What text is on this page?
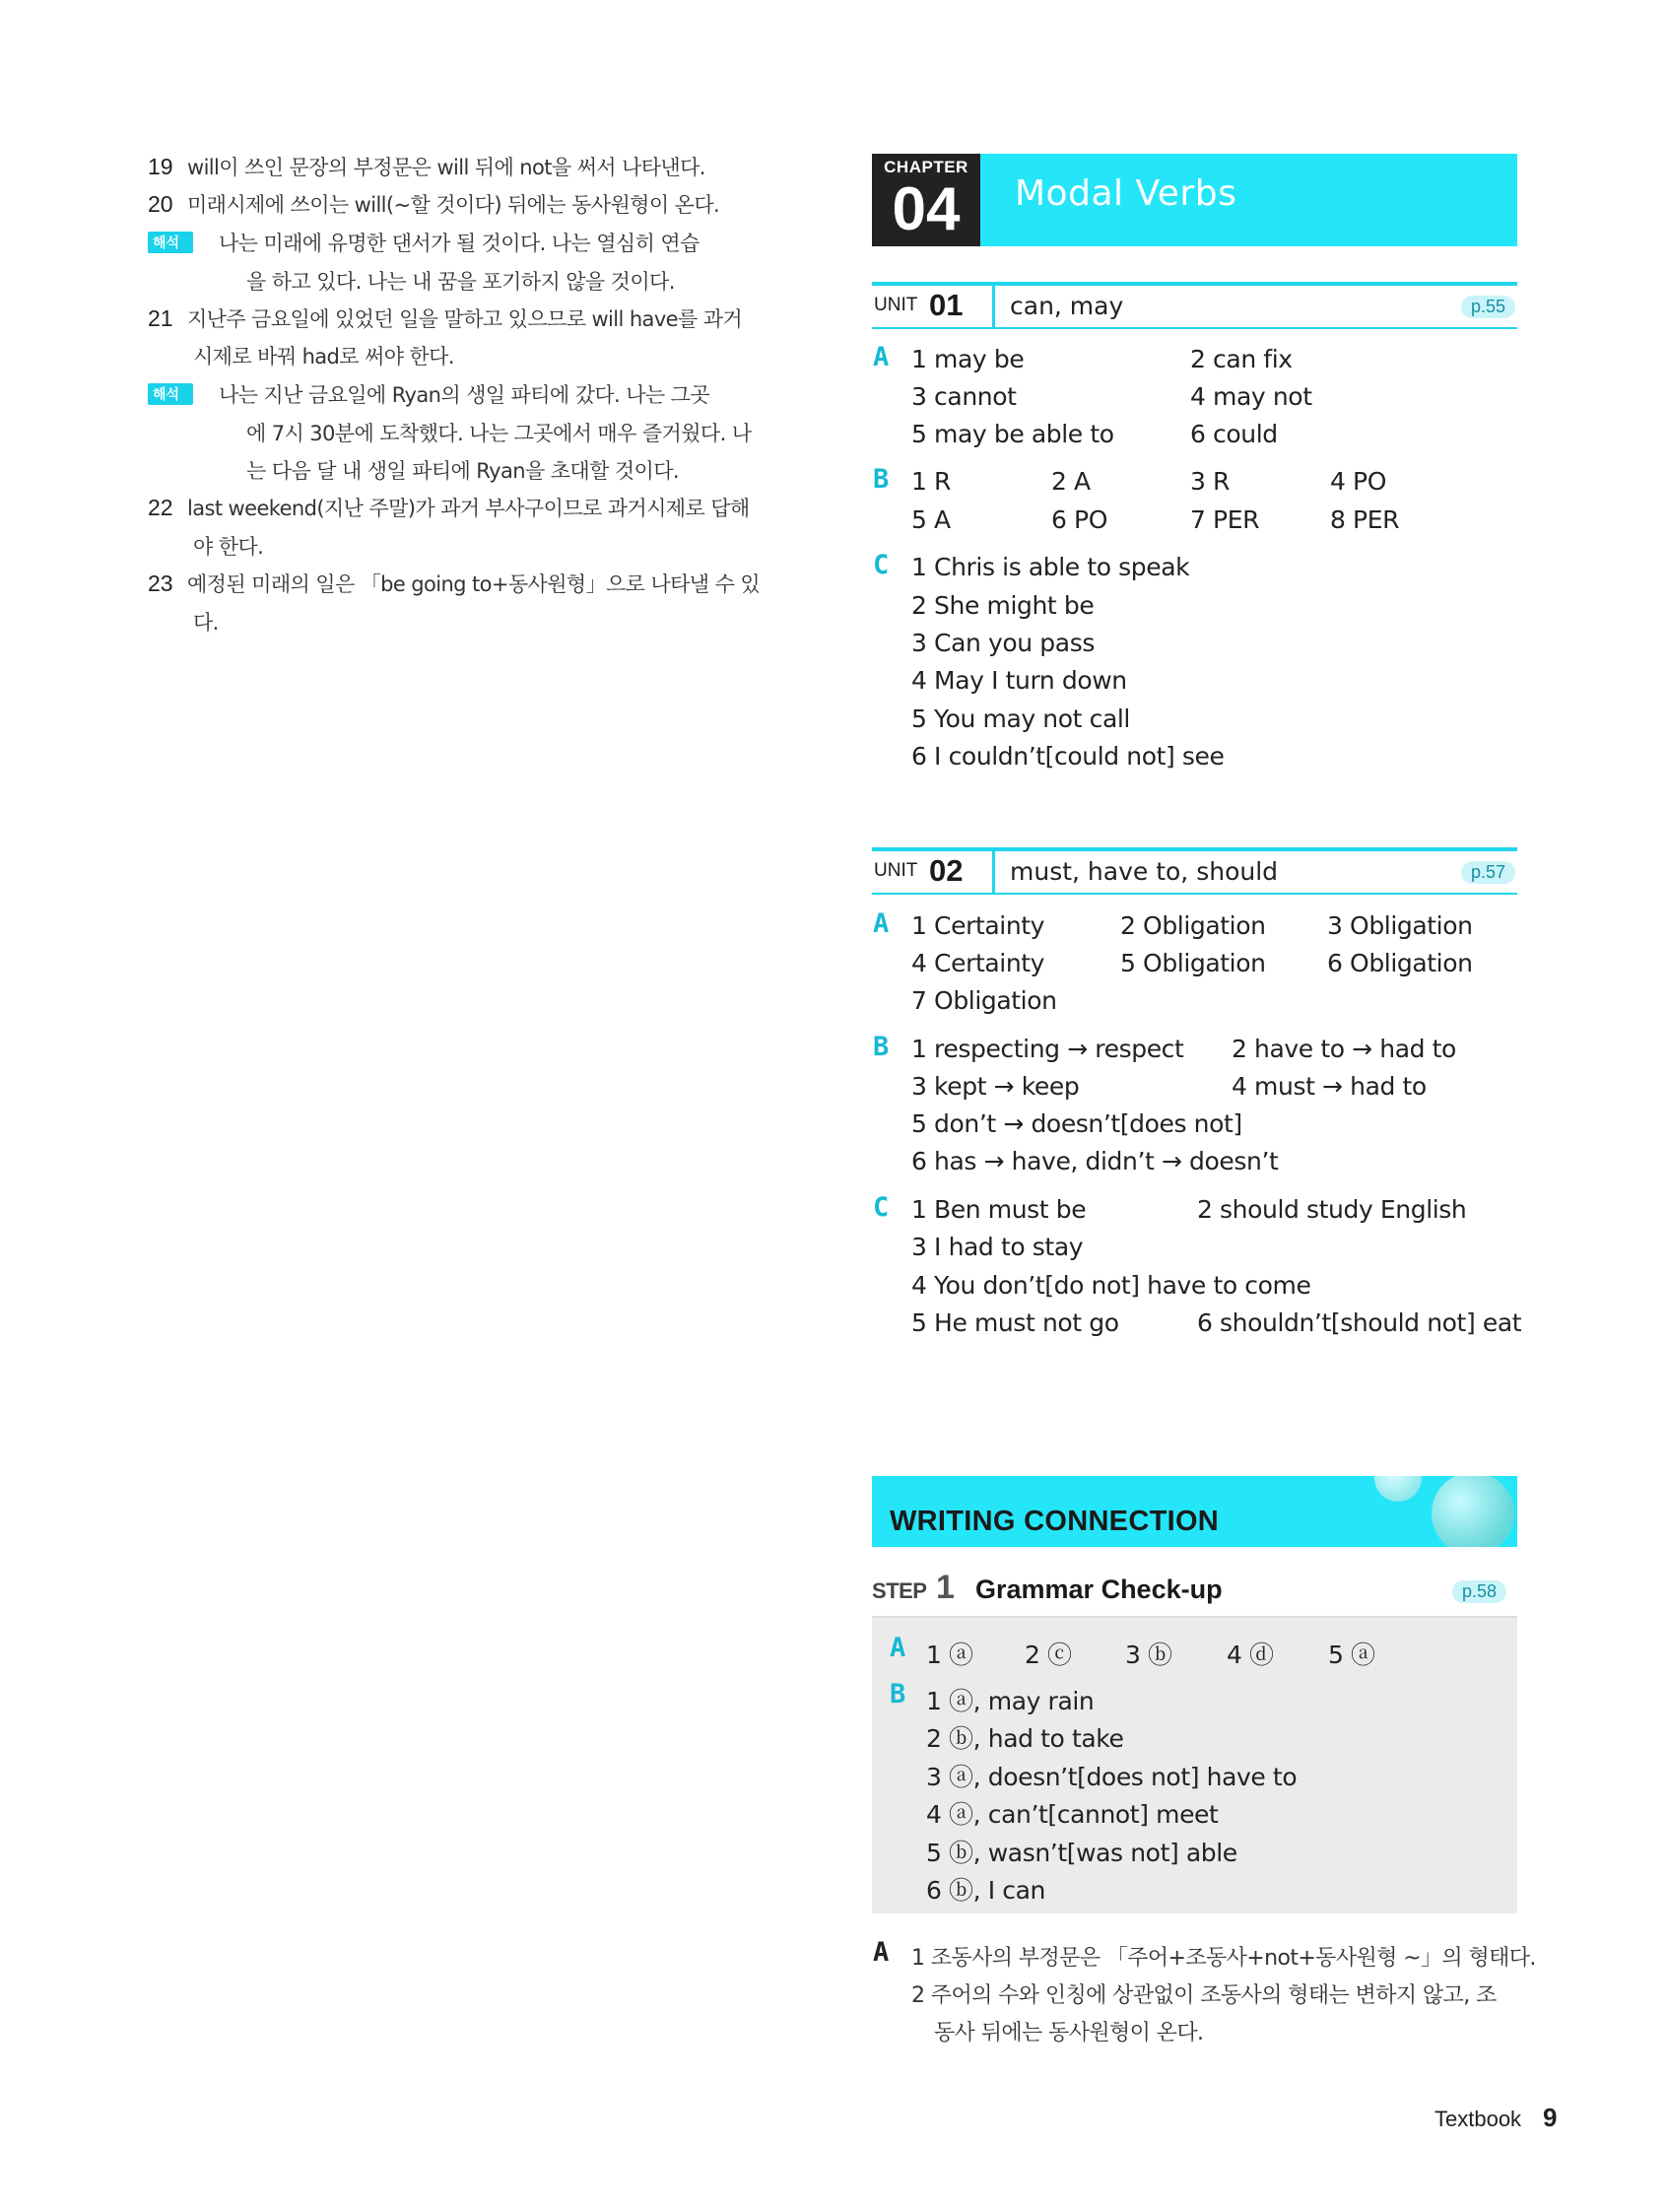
19 will이 쓰인 문장의 부정문은 will 뒤에 not을 써서 나타낸다.
20 미래시제에 쓰이는 will(~할 것이다) 뒤에는 동사원형이 온다.
해석 ▶ 나는 미래에 유명한 댄서가 될 것이다. 나는 열심히 연습
을 하고 있다. 나는 내 꿈을 포기하지 않을 것이다.
21 지난주 금요일에 있었던 일을 말하고 있으므로 will have를 과거
시제로 바꿔 had로 써야 한다.
해석 ▶ 나는 지난 금요일에 Ryan의 생일 파티에 갔다. 나는 그곳
에 7시 30분에 도착했다. 나는 그곳에서 매우 즐거웠다. 나
는 다음 달 내 생일 파티에 Ryan을 초대할 것이다.
22 last weekend(지난 주말)가 과거 부사구이므로 과거시제로 답해
야 한다.
23 예정된 미래의 일은 「be going to+동사원형」으로 나타낼 수 있
다.
CHAPTER
04	Modal Verbs
UNIT 01 can, may	p.55
A 1 may be	2 can fix
3 cannot	4 may not
5 may be able to	6 could
B 1 R	2 A	3 R	4 PO
5 A	6 PO	7 PER	8 PER
C 1 Chris is able to speak
2 She might be
3 Can you pass
4 May I turn down
5 You may not call
6 I couldn’t[could not] see
UNIT 02 must, have to, should	p.57
A 1 Certainty	2 Obligation 3 Obligation
4 Certainty	5 Obligation 6 Obligation
7 Obligation
B 1 respecting → respect 2 have to → had to
3 kept → keep	4 must → had to
5 don’t → doesn’t[does not]
6 has → have, didn’t → doesn’t
C 1 Ben must be	2 should study English
3 I had to stay
4 You don’t[do not] have to come
5 He must not go	6 shouldn’t[should not] eat
WRITING CONNECTION
STEP 1 Grammar Check-up	p.58
A 1 ⓐ 2 ⓒ 3 ⓑ 4 ⓓ 5 ⓐ
B 1 ⓐ, may rain
2 ⓑ, had to take
3 ⓐ, doesn’t[does not] have to
4 ⓐ, can’t[cannot] meet
5 ⓑ, wasn’t[was not] able
6 ⓑ, I can
A 1 조동사의 부정문은 「주어+조동사+not+동사원형 ~」의 형태다.
2 주어의 수와 인칭에 상관없이 조동사의 형태는 변하지 않고, 조
동사 뒤에는 동사원형이 온다.
Textbook 9
